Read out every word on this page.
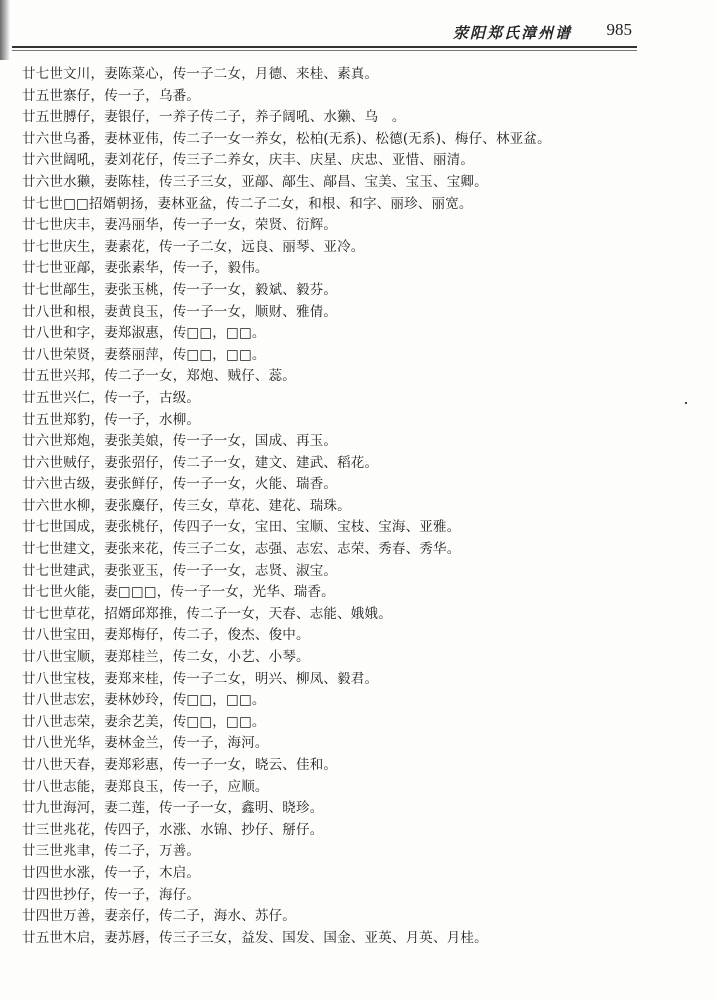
荥阳郑氏漳州谱 985
廿七世文川，妻陈菜心，传一子二女，月德、来桂、素真。
廿五世寨仔，传一子，乌番。
廿五世膊仔，妻银仔，一养子传二子，养子阔吼、水獭、乌　。
廿六世乌番，妻林亚伟，传二子一女一养女，松柏(无系)、松德(无系)、梅仔、林亚盆。
廿六世阔吼，妻刘花仔，传三子二养女，庆丰、庆星、庆忠、亚惜、丽清。
廿六世水獭，妻陈桂，传三子三女，亚鄗、鄗生、鄗昌、宝美、宝玉、宝卿。
廿七世□□招婿朝扬，妻林亚盆，传二子二女，和根、和字、丽珍、丽宽。
廿七世庆丰，妻冯丽华，传一子一女，荣贤、衍辉。
廿七世庆生，妻素花，传一子二女，远良、丽琴、亚冷。
廿七世亚鄗，妻张素华，传一子，毅伟。
廿七世鄗生，妻张玉桃，传一子一女，毅斌、毅芬。
廿八世和根，妻黄良玉，传一子一女，顺财、雅倩。
廿八世和字，妻郑淑惠，传□□，□□。
廿八世荣贤，妻蔡丽萍，传□□，□□。
廿五世兴邦，传二子一女，郑炮、贼仔、蕊。
廿五世兴仁，传一子，古级。
廿五世郑豹，传一子，水柳。
廿六世郑炮，妻张美娘，传一子一女，国成、再玉。
廿六世贼仔，妻张弨仔，传二子一女，建文、建武、稻花。
廿六世古级，妻张鲜仔，传一子一女，火能、瑞香。
廿六世水柳，妻张麋仔，传三女，草花、建花、瑞珠。
廿七世国成，妻张桃仔，传四子一女，宝田、宝顺、宝枝、宝海、亚雅。
廿七世建文，妻张来花，传三子二女，志强、志宏、志荣、秀春、秀华。
廿七世建武，妻张亚玉，传一子一女，志贤、淑宝。
廿七世火能，妻□□□，传一子一女，光华、瑞香。
廿七世草花，招婿邱郑推，传二子一女，天春、志能、娥娥。
廿八世宝田，妻郑梅仔，传二子，俊杰、俊中。
廿八世宝顺，妻郑桂兰，传二女，小艺、小琴。
廿八世宝枝，妻郑来桂，传一子二女，明兴、柳凤、毅君。
廿八世志宏，妻林妙玲，传□□，□□。
廿八世志荣，妻余艺美，传□□，□□。
廿八世光华，妻林金兰，传一子，海河。
廿八世天春，妻郑彩惠，传一子一女，晓云、佳和。
廿八世志能，妻郑良玉，传一子，应顺。
廿九世海河，妻二莲，传一子一女，鑫明、晓珍。
廿三世兆花，传四子，水涨、水锦、抄仔、掰仔。
廿三世兆聿，传二子，万善。
廿四世水涨，传一子，木启。
廿四世抄仔，传一子，海仔。
廿四世万善，妻亲仔，传二子，海水、苏仔。
廿五世木启，妻苏唇，传三子三女，益发、国发、国金、亚英、月英、月桂。
